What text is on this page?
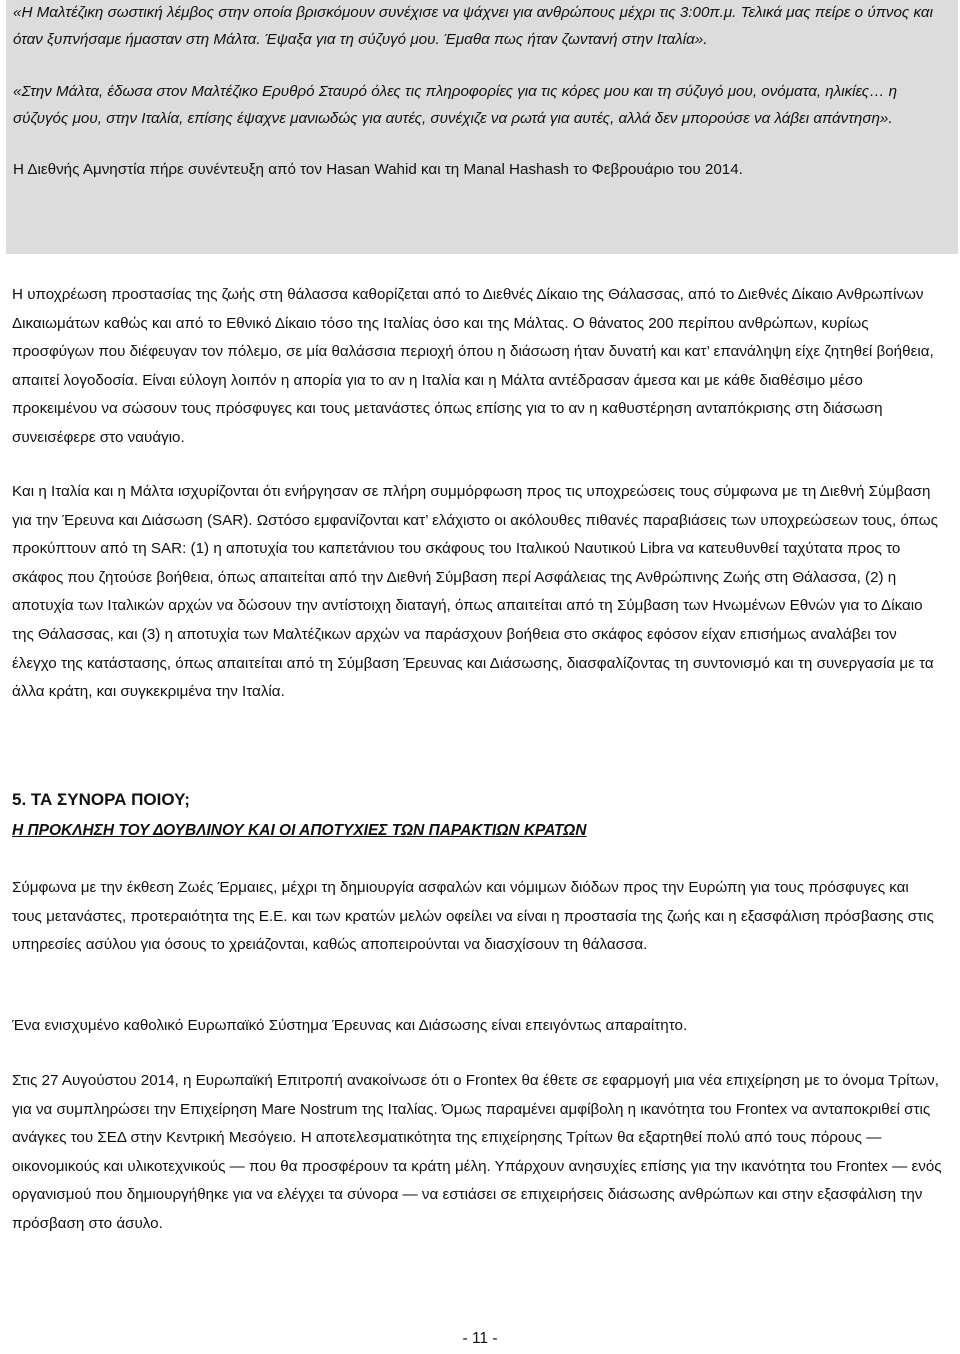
«Η Μαλτέζικη σωστική λέμβος στην οποία βρισκόμουν συνέχισε να ψάχνει για ανθρώπους μέχρι τις 3:00π.μ. Τελικά μας πείρε ο ύπνος και όταν ξυπνήσαμε ήμασταν στη Μάλτα. Έψαξα για τη σύζυγό μου. Έμαθα πως ήταν ζωντανή στην Ιταλία».

«Στην Μάλτα, έδωσα στον Μαλτέζικο Ερυθρό Σταυρό όλες τις πληροφορίες για τις κόρες μου και τη σύζυγό μου, ονόματα, ηλικίες… η σύζυγός μου, στην Ιταλία, επίσης έψαχνε μανιωδώς για αυτές, συνέχιζε να ρωτά για αυτές, αλλά δεν μπορούσε να λάβει απάντηση».

Η Διεθνής Αμνηστία πήρε συνέντευξη από τον Hasan Wahid και τη Manal Hashash το Φεβρουάριο του 2014.

Η υποχρέωση προστασίας της ζωής στη θάλασσα καθορίζεται από το Διεθνές Δίκαιο της Θάλασσας, από το Διεθνές Δίκαιο Ανθρωπίνων Δικαιωμάτων καθώς και από το Εθνικό Δίκαιο τόσο της Ιταλίας όσο και της Μάλτας. Ο θάνατος 200 περίπου ανθρώπων, κυρίως προσφύγων που διέφευγαν τον πόλεμο, σε μία θαλάσσια περιοχή όπου η διάσωση ήταν δυνατή και κατ’ επανάληψη είχε ζητηθεί βοήθεια, απαιτεί λογοδοσία. Είναι εύλογη λοιπόν η απορία για το αν η Ιταλία και η Μάλτα αντέδρασαν άμεσα και με κάθε διαθέσιμο μέσο προκειμένου να σώσουν τους πρόσφυγες και τους μετανάστες όπως επίσης για το αν η καθυστέρηση ανταπόκρισης στη διάσωση συνεισέφερε στο ναυάγιο.

Και η Ιταλία και η Μάλτα ισχυρίζονται ότι ενήργησαν σε πλήρη συμμόρφωση προς τις υποχρεώσεις τους σύμφωνα με τη Διεθνή Σύμβαση για την Έρευνα και Διάσωση (SAR). Ωστόσο εμφανίζονται κατ’ ελάχιστο οι ακόλουθες πιθανές παραβιάσεις των υποχρεώσεων τους, όπως προκύπτουν από τη SAR: (1) η αποτυχία του καπετάνιου του σκάφους του Ιταλικού Ναυτικού Libra να κατευθυνθεί ταχύτατα προς το σκάφος που ζητούσε βοήθεια, όπως απαιτείται από την Διεθνή Σύμβαση περί Ασφάλειας της Ανθρώπινης Ζωής στη Θάλασσα, (2) η αποτυχία των Ιταλικών αρχών να δώσουν την αντίστοιχη διαταγή, όπως απαιτείται από τη Σύμβαση των Ηνωμένων Εθνών για το Δίκαιο της Θάλασσας, και (3) η αποτυχία των Μαλτέζικων αρχών να παράσχουν βοήθεια στο σκάφος εφόσον είχαν επισήμως αναλάβει τον έλεγχο της κατάστασης, όπως απαιτείται από τη Σύμβαση Έρευνας και Διάσωσης, διασφαλίζοντας τη συντονισμό και τη συνεργασία με τα άλλα κράτη, και συγκεκριμένα την Ιταλία.

5. ΤΑ ΣΥΝΟΡΑ ΠΟΙΟΥ;
Η ΠΡΟΚΛΗΣΗ ΤΟΥ ΔΟΥΒΛΙΝΟΥ ΚΑΙ ΟΙ ΑΠΟΤΥΧΙΕΣ ΤΩΝ ΠΑΡΑΚΤΙΩΝ ΚΡΑΤΩΝ

Σύμφωνα με την έκθεση Ζωές Έρμαιες, μέχρι τη δημιουργία ασφαλών και νόμιμων διόδων προς την Ευρώπη για τους πρόσφυγες και τους μετανάστες, προτεραιότητα της Ε.Ε. και των κρατών μελών οφείλει να είναι η προστασία της ζωής και η εξασφάλιση πρόσβασης στις υπηρεσίες ασύλου για όσους το χρειάζονται, καθώς αποπειρούνται να διασχίσουν τη θάλασσα.

Ένα ενισχυμένο καθολικό Ευρωπαϊκό Σύστημα Έρευνας και Διάσωσης είναι επειγόντως απαραίτητο.

Στις 27 Αυγούστου 2014, η Ευρωπαϊκή Επιτροπή ανακοίνωσε ότι ο Frontex θα έθετε σε εφαρμογή μια νέα επιχείρηση με το όνομα Τρίτων, για να συμπληρώσει την Επιχείρηση Mare Nostrum της Ιταλίας. Όμως παραμένει αμφίβολη η ικανότητα του Frontex να ανταποκριθεί στις ανάγκες του ΣΕΔ στην Κεντρική Μεσόγειο. Η αποτελεσματικότητα της επιχείρησης Τρίτων θα εξαρτηθεί πολύ από τους πόρους — οικονομικούς και υλικοτεχνικούς — που θα προσφέρουν τα κράτη μέλη. Υπάρχουν ανησυχίες επίσης για την ικανότητα του Frontex — ενός οργανισμού που δημιουργήθηκε για να ελέγχει τα σύνορα — να εστιάσει σε επιχειρήσεις διάσωσης ανθρώπων και στην εξασφάλιση την πρόσβαση στο άσυλο.

- 11 -
